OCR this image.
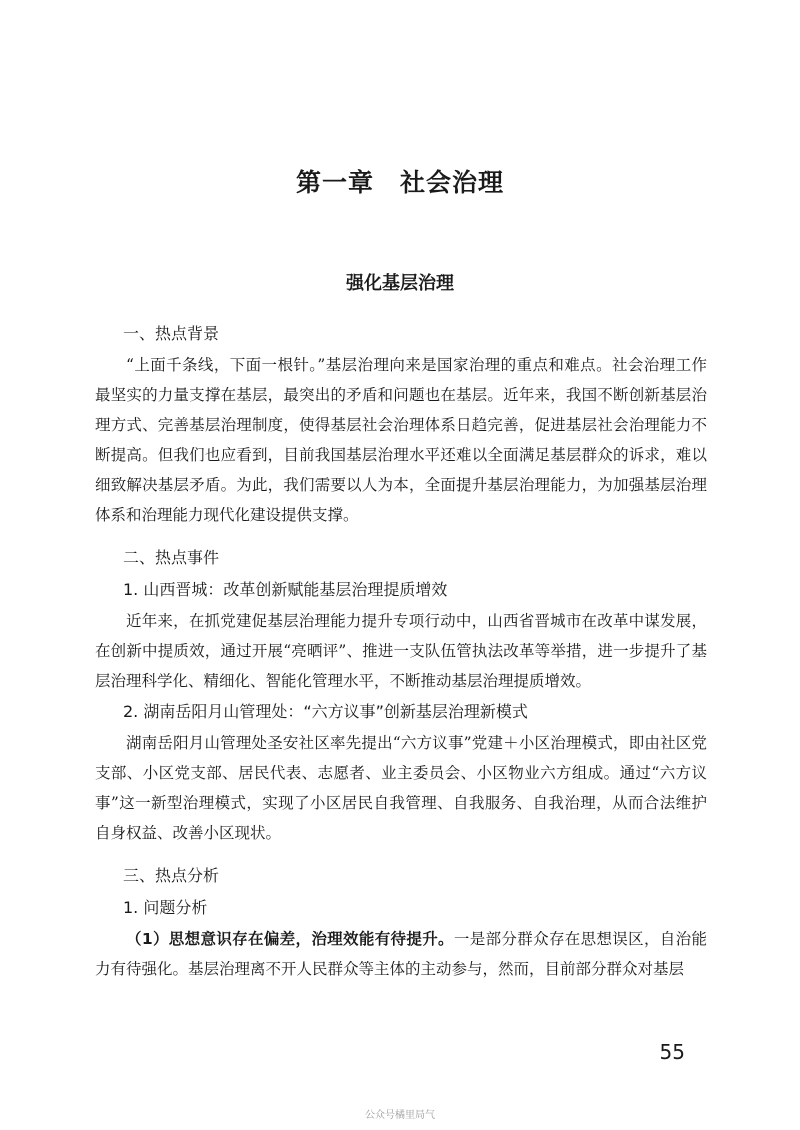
第一章　社会治理
强化基层治理
一、热点背景

“上面千条线，下面一根针。”基层治理向来是国家治理的重点和难点。社会治理工作最坚实的力量支撑在基层，最突出的矛盾和问题也在基层。近年来，我国不断创新基层治理方式、完善基层治理制度，使得基层社会治理体系日趋完善，促进基层社会治理能力不断提高。但我们也应看到，目前我国基层治理水平还难以全面满足基层群众的诉求，难以细致解决基层矛盾。为此，我们需要以人为本，全面提升基层治理能力，为加强基层治理体系和治理能力现代化建设提供支撑。

二、热点事件
1. 山西晋城：改革创新赋能基层治理提质增效

近年来，在抓党建促基层治理能力提升专项行动中，山西省晋城市在改革中谋发展，在创新中提质效，通过开展“亮晒评”、推进一支队伍管执法改革等举措，进一步提升了基层治理科学化、精细化、智能化管理水平，不断推动基层治理提质增效。

2. 湖南岳阳月山管理处：“六方议事”创新基层治理新模式

湖南岳阳月山管理处圣安社区率先提出“六方议事”党建＋小区治理模式，即由社区党支部、小区党支部、居民代表、志愿者、业主委员会、小区物业六方组成。通过“六方议事”这一新型治理模式，实现了小区居民自我管理、自我服务、自我治理，从而合法维护自身权益、改善小区现状。

三、热点分析
1. 问题分析

（1）思想意识存在偏差，治理效能有待提升。一是部分群众存在思想误区，自治能力有待强化。基层治理离不开人民群众等主体的主动参与，然而，目前部分群众对基层

55
公众号橘里局气
